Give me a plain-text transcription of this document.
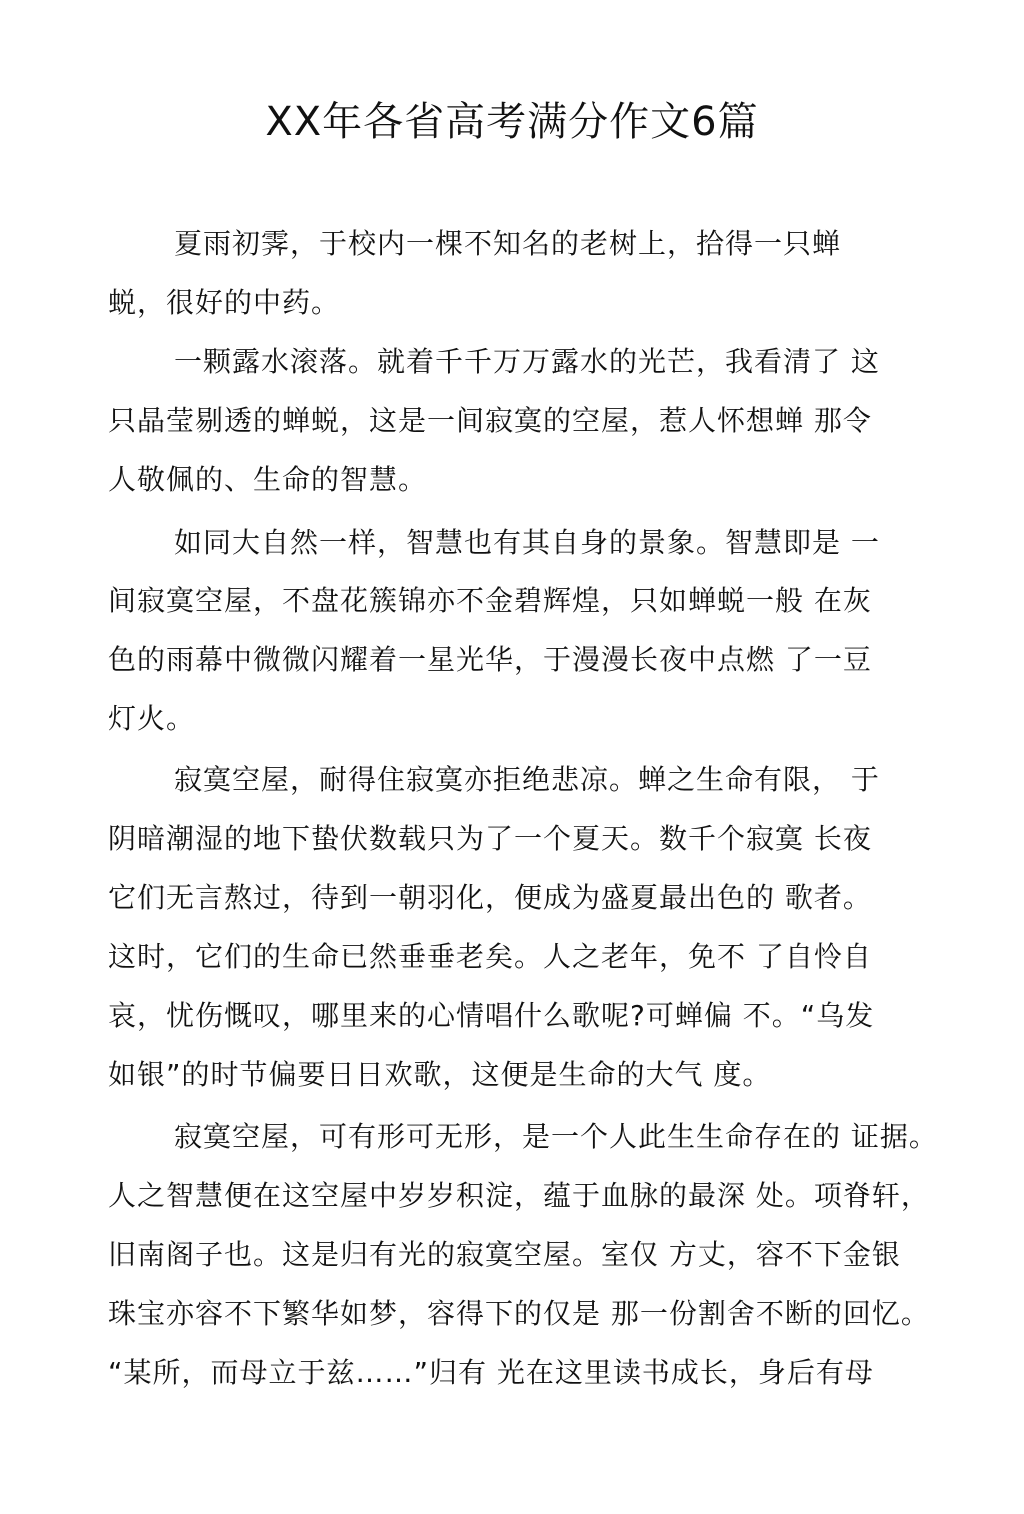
XX年各省高考满分作文6篇
夏雨初霁，于校内一棵不知名的老树上，拾得一只蝉
蜕，很好的中药。
一颗露水滚落。就着千千万万露水的光芒，我看清了 这
只晶莹剔透的蝉蜕，这是一间寂寞的空屋，惹人怀想蝉 那令
人敬佩的、生命的智慧。
如同大自然一样，智慧也有其自身的景象。智慧即是 一
间寂寞空屋，不盘花簇锦亦不金碧辉煌，只如蝉蜕一般 在灰
色的雨幕中微微闪耀着一星光华，于漫漫长夜中点燃 了一豆
灯火。
寂寞空屋，耐得住寂寞亦拒绝悲凉。蝉之生命有限， 于
阴暗潮湿的地下蛰伏数载只为了一个夏天。数千个寂寞 长夜
它们无言熬过，待到一朝羽化，便成为盛夏最出色的 歌者。
这时，它们的生命已然垂垂老矣。人之老年，免不 了自怜自
哀，忧伤慨叹，哪里来的心情唱什么歌呢?可蝉偏 不。“乌发
如银”的时节偏要日日欢歌，这便是生命的大气 度。
寂寞空屋，可有形可无形，是一个人此生生命存在的 证据。
人之智慧便在这空屋中岁岁积淀，蕴于血脉的最深 处。项脊轩，
旧南阁子也。这是归有光的寂寞空屋。室仅 方丈，容不下金银
珠宝亦容不下繁华如梦，容得下的仅是 那一份割舍不断的回忆。
“某所，而母立于兹……”归有 光在这里读书成长，身后有母
